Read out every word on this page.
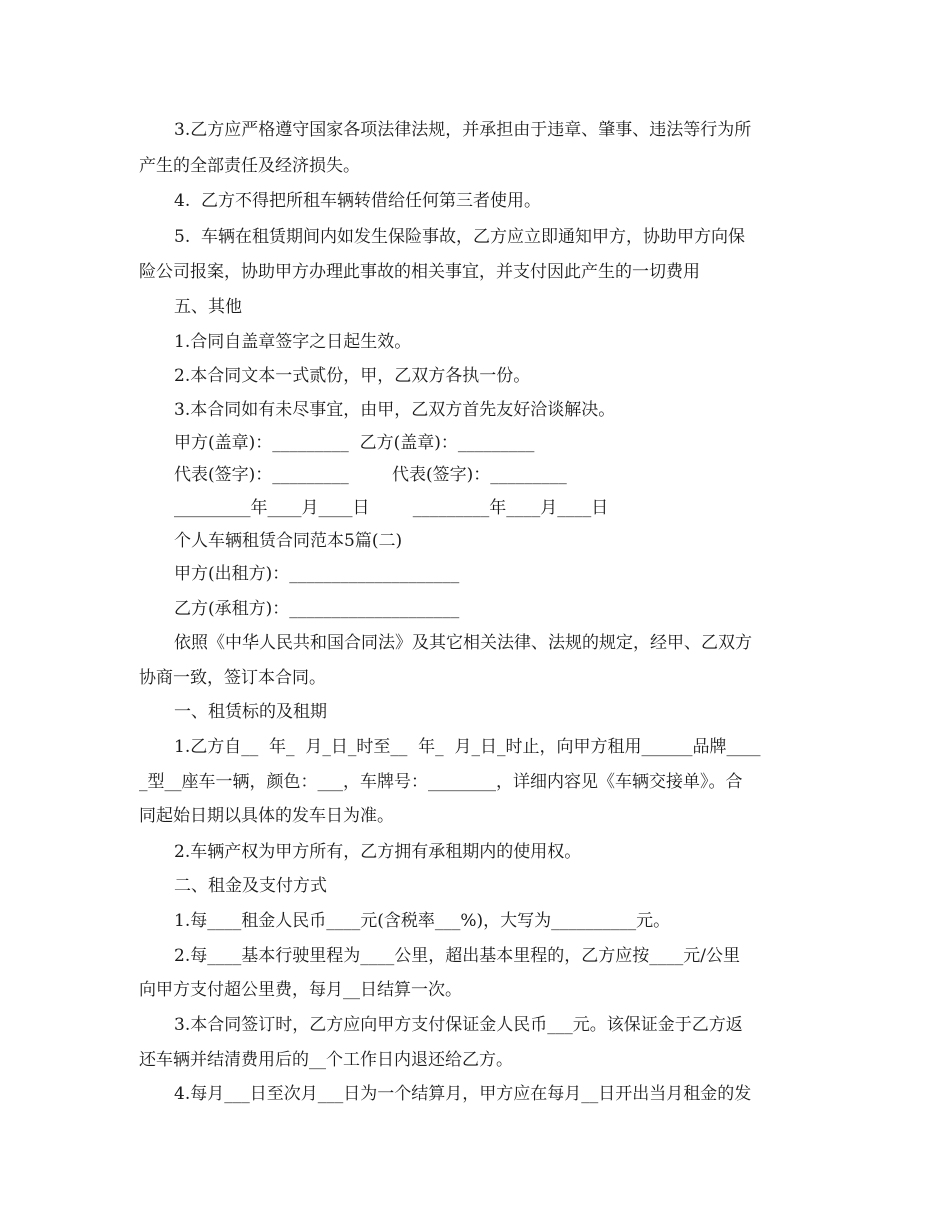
3.乙方应严格遵守国家各项法律法规，并承担由于违章、肇事、违法等行为所
产生的全部责任及经济损失。
4.  乙方不得把所租车辆转借给任何第三者使用。
5.  车辆在租赁期间内如发生保险事故，乙方应立即通知甲方，协助甲方向保
险公司报案，协助甲方办理此事故的相关事宜，并支付因此产生的一切费用
五、其他
1.合同自盖章签字之日起生效。
2.本合同文本一式贰份，甲，乙双方各执一份。
3.本合同如有未尽事宜，由甲，乙双方首先友好洽谈解决。
甲方(盖章)：_________  乙方(盖章)：_________
代表(签字)：_________        代表(签字)：_________
_________年____月____日        _________年____月____日
个人车辆租赁合同范本5篇(二)
甲方(出租方)：____________________
乙方(承租方)：____________________
依照《中华人民共和国合同法》及其它相关法律、法规的规定，经甲、乙双方
协商一致，签订本合同。
一、租赁标的及租期
1.乙方自__  年_  月_日_时至__  年_  月_日_时止，向甲方租用______品牌____
_型__座车一辆，颜色：___，车牌号：________，详细内容见《车辆交接单》。合
同起始日期以具体的发车日为准。
2.车辆产权为甲方所有，乙方拥有承租期内的使用权。
二、租金及支付方式
1.每____租金人民币____元(含税率___%)，大写为__________元。
2.每____基本行驶里程为____公里，超出基本里程的，乙方应按____元/公里
向甲方支付超公里费，每月__日结算一次。
3.本合同签订时，乙方应向甲方支付保证金人民币___元。该保证金于乙方返
还车辆并结清费用后的__个工作日内退还给乙方。
4.每月___日至次月___日为一个结算月，甲方应在每月__日开出当月租金的发
